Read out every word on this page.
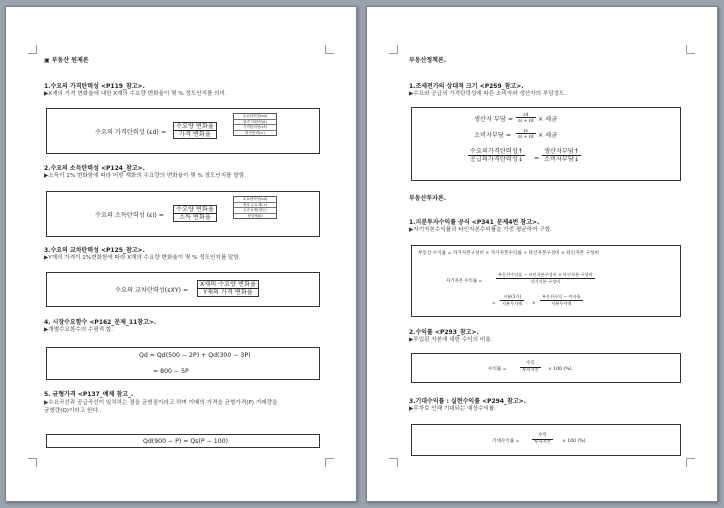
▣ 부동산 원제론
1.수요의 가격탄력성 <P119_참고>.
▶X재의 가격 변화율에 대한 X재의 수요량 변화율이 몇 % 정도인지를 의미.
수요의 가격탄력성 (εd) =
수요량 변화율
가격 변화율
수요탄력성(εd)
완전 비탄력(0)
가격탄력성(εF)
완전탄력(∞)
2.수요의 소득탄력성 <P124_참고>.
▶소득이 1% 변화함에 따라 어떤 재화의 수요량의 변화율이 몇 % 정도인지를 말함.
수요의 소득탄력성 (εI) =
수요량 변화율
소득 변화율
수요탄력성(εd)
정상 수요재(+)
수준요재(열등)
정상재(0)
3.수요의 교차탄력성 <P125_참고>.
▶Y재의 가격이 1%변화함에 따라 X재의 수요량 변화율이 몇 % 정도인지를 말함.
수요의 교차탄력성(εXY) =
X재의 수요량 변화율
Y재의 가격 변화율
4. 시장수요함수 <P162_문제_11참고>.
▶개별수요함수의 수평적 합.
Qd = Qd(500 − 2P) + Qd(300 − 3P)
= 800 − 5P
5. 균형가격 <P137_예제 참고_.
▶수요곡선과 공급곡선이 일치하는 점을 균형점이라고 하며 이때의 가격을 균형가격(P) 거래량을
균형량(Q)이라고 한다..
Qd(900 − P) = Qs(P − 100)
부동산정책론.
1.조세전가의 상대적 크기 <P259_참고>.
▶수요와 공급의 가격탄력성에 따른 소비자와 생산자의 부담정도.
생산자 부담 = $\frac{\varepsilon d}{\varepsilon s + \varepsilon d}$ × 세금
소비자부담 = $\frac{\varepsilon s}{\varepsilon s + \varepsilon d}$ × 세금
수요의가격탄력성↑
공급의가격탄력성↓	=
생산자부담↑
소비자부담↓
부동산투자론.
1.지분투자수익률 공식 <P341_문제4번 참고>.
▶자기자본수익률과 타인자본수익률을 가중 평균하여 구함.
부동산 수익률 = 자기자본구성비 × 자기자본수익률 + 타인자본구성비 × 타인자본 구성비
자기자본 수익률 =
부동산수익률 − 타인자본구성비 × 타인자본 구성비
자기자본 구성비
=
지분(1가)
지분투자액	×
부동산수익 − 이자율
지분투자액
2.수익률 <P293_참고>.
▶투입된 자본에 대한 수익의 비율.
수익률 =
수익
투자자본	× 100 (%).
3.기대수익률 : 실현수익률 <P294_참고>.
▶투자로 인해 기대되는 예상수익률.
기대수익률 =
수익
투자자본	× 100 (%).
